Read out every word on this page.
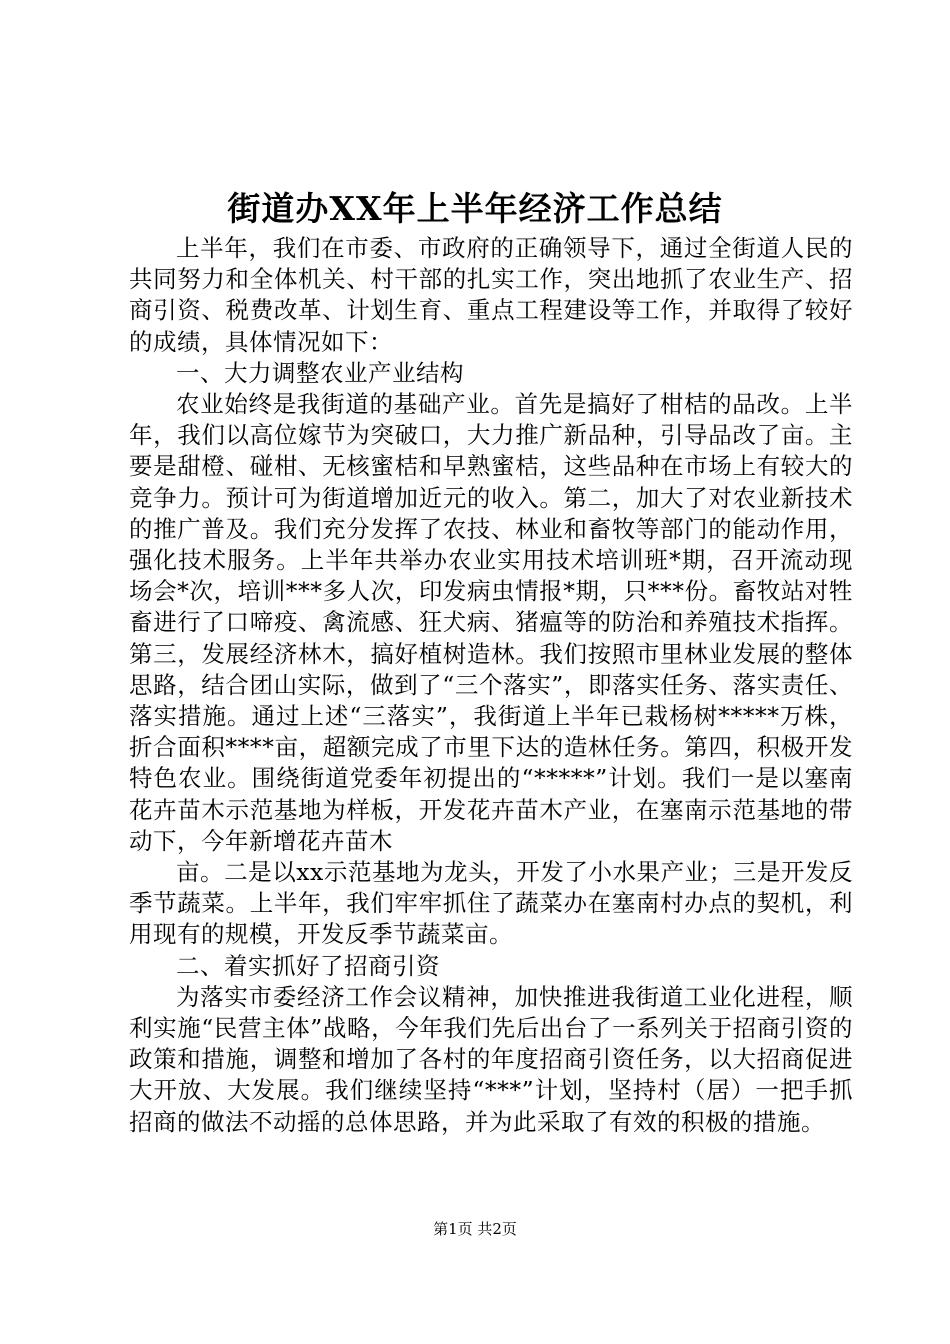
街道办XX年上半年经济工作总结

上半年，我们在市委、市政府的正确领导下，通过全街道人民的共同努力和全体机关、村干部的扎实工作，突出地抓了农业生产、招商引资、税费改革、计划生育、重点工程建设等工作，并取得了较好的成绩，具体情况如下：

一、大力调整农业产业结构

农业始终是我街道的基础产业。首先是搞好了柑桔的品改。上半年，我们以高位嫁节为突破口，大力推广新品种，引导品改了亩。主要是甜橙、碰柑、无核蜜桔和早熟蜜桔，这些品种在市场上有较大的竞争力。预计可为街道增加近元的收入。第二，加大了对农业新技术的推广普及。我们充分发挥了农技、林业和畜牧等部门的能动作用，强化技术服务。上半年共举办农业实用技术培训班*期，召开流动现场会*次，培训***多人次，印发病虫情报*期，只***份。畜牧站对牲畜进行了口啼疫、禽流感、狂犬病、猪瘟等的防治和养殖技术指挥。第三，发展经济林木，搞好植树造林。我们按照市里林业发展的整体思路，结合团山实际，做到了“三个落实”，即落实任务、落实责任、落实措施。通过上述“三落实”，我街道上半年已栽杨树*****万株，折合面积****亩，超额完成了市里下达的造林任务。第四，积极开发特色农业。围绕街道党委年初提出的“*****”计划。我们一是以塞南花卉苗木示范基地为样板，开发花卉苗木产业，在塞南示范基地的带动下，今年新增花卉苗木

亩。二是以xx示范基地为龙头，开发了小水果产业；三是开发反季节蔬菜。上半年，我们牢牢抓住了蔬菜办在塞南村办点的契机，利用现有的规模，开发反季节蔬菜亩。

二、着实抓好了招商引资

为落实市委经济工作会议精神，加快推进我街道工业化进程，顺利实施“民营主体”战略，今年我们先后出台了一系列关于招商引资的政策和措施，调整和增加了各村的年度招商引资任务，以大招商促进大开放、大发展。我们继续坚持“***”计划，坚持村（居）一把手抓招商的做法不动摇的总体思路，并为此采取了有效的积极的措施。

第1页 共2页
